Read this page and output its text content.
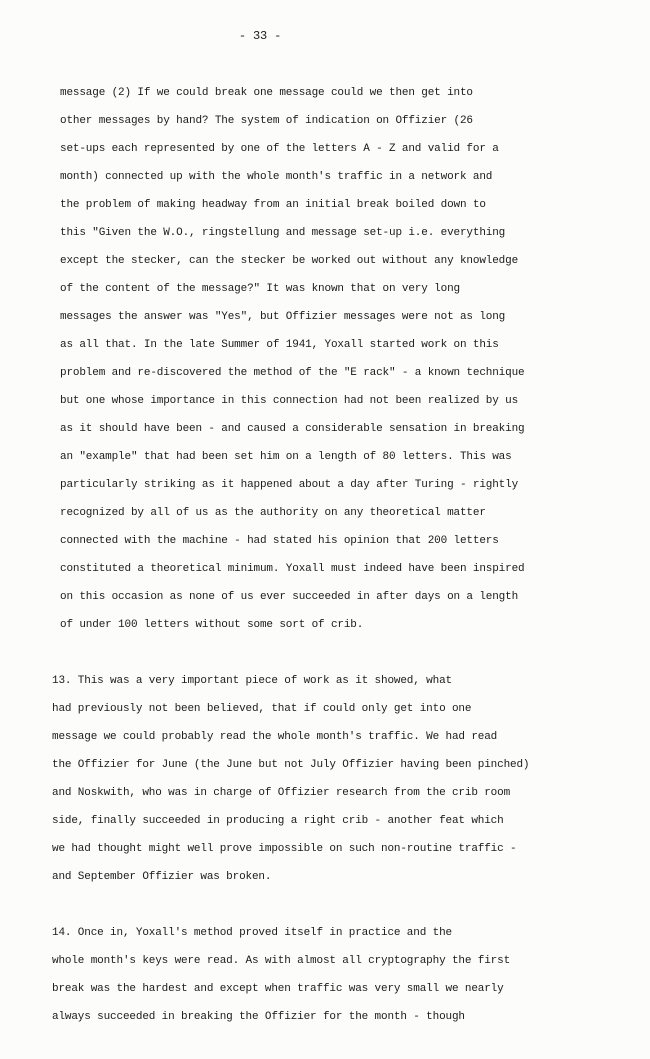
- 33 -
message (2) If we could break one message could we then get into
other messages by hand? The system of indication on Offizier (26
set-ups each represented by one of the letters A - Z and valid for a
month) connected up with the whole month's traffic in a network and
the problem of making headway from an initial break boiled down to
this "Given the W.O., ringstellung and message set-up i.e. everything
except the stecker, can the stecker be worked out without any knowledge
of the content of the message?" It was known that on very long
messages the answer was "Yes", but Offizier messages were not as long
as all that. In the late Summer of 1941, Yoxall started work on this
problem and re-discovered the method of the "E rack" - a known technique
but one whose importance in this connection had not been realized by us
as it should have been - and caused a considerable sensation in breaking
an "example" that had been set him on a length of 80 letters. This was
particularly striking as it happened about a day after Turing - rightly
recognized by all of us as the authority on any theoretical matter
connected with the machine - had stated his opinion that 200 letters
constituted a theoretical minimum. Yoxall must indeed have been inspired
on this occasion as none of us ever succeeded in after days on a length
of under 100 letters without some sort of crib.
13. This was a very important piece of work as it showed, what
had previously not been believed, that if could only get into one
message we could probably read the whole month's traffic. We had read
the Offizier for June (the June but not July Offizier having been pinched)
and Noskwith, who was in charge of Offizier research from the crib room
side, finally succeeded in producing a right crib - another feat which
we had thought might well prove impossible on such non-routine traffic -
and September Offizier was broken.
14. Once in, Yoxall's method proved itself in practice and the
whole month's keys were read. As with almost all cryptography the first
break was the hardest and except when traffic was very small we nearly
always succeeded in breaking the Offizier for the month - though
